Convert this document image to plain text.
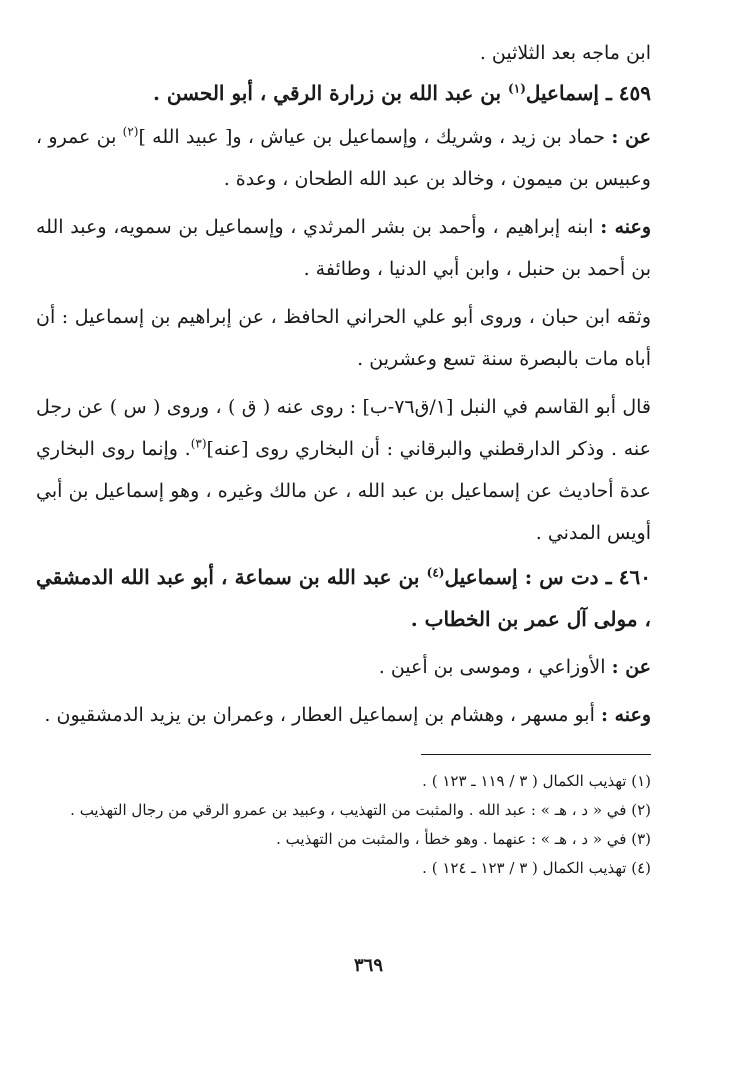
ابن ماجه بعد الثلاثين .

٤٥٩ ـ إسماعيل$^{(١)}$ بن عبد الله بن زرارة الرقي ، أبو الحسن .

عن : حماد بن زيد ، وشريك ، وإسماعيل بن عياش ، و[ عبيد الله ]$^{(٢)}$ بن عمرو ، وعبيس بن ميمون ، وخالد بن عبد الله الطحان ، وعدة .

وعنه : ابنه إبراهيم ، وأحمد بن بشر المرثدي ، وإسماعيل بن سمويه، وعبد الله بن أحمد بن حنبل ، وابن أبي الدنيا ، وطائفة .

وثقه ابن حبان ، وروى أبو علي الحراني الحافظ ، عن إبراهيم بن إسماعيل : أن أباه مات بالبصرة سنة تسع وعشرين .

قال أبو القاسم في النبل [١/ق٧٦-ب] : روى عنه ( ق ) ، وروى ( س ) عن رجل عنه . وذكر الدارقطني والبرقاني : أن البخاري روى [عنه]$^{(٣)}$. وإنما روى البخاري عدة أحاديث عن إسماعيل بن عبد الله ، عن مالك وغيره ، وهو إسماعيل بن أبي أويس المدني .

٤٦٠ ـ دت س : إسماعيل$^{(٤)}$ بن عبد الله بن سماعة ، أبو عبد الله الدمشقي ، مولى آل عمر بن الخطاب .

عن : الأوزاعي ، وموسى بن أعين .

وعنه : أبو مسهر ، وهشام بن إسماعيل العطار ، وعمران بن يزيد الدمشقيون .

(١) تهذيب الكمال ( ٣ / ١١٩ ـ ١٢٣ ) .

(٢) في « د ، هـ » : عبد الله . والمثبت من التهذيب ، وعبيد بن عمرو الرقي من رجال التهذيب .

(٣) في « د ، هـ » : عنهما . وهو خطأ ، والمثبت من التهذيب .

(٤) تهذيب الكمال ( ٣ / ١٢٣ ـ ١٢٤ ) .

٣٦٩
